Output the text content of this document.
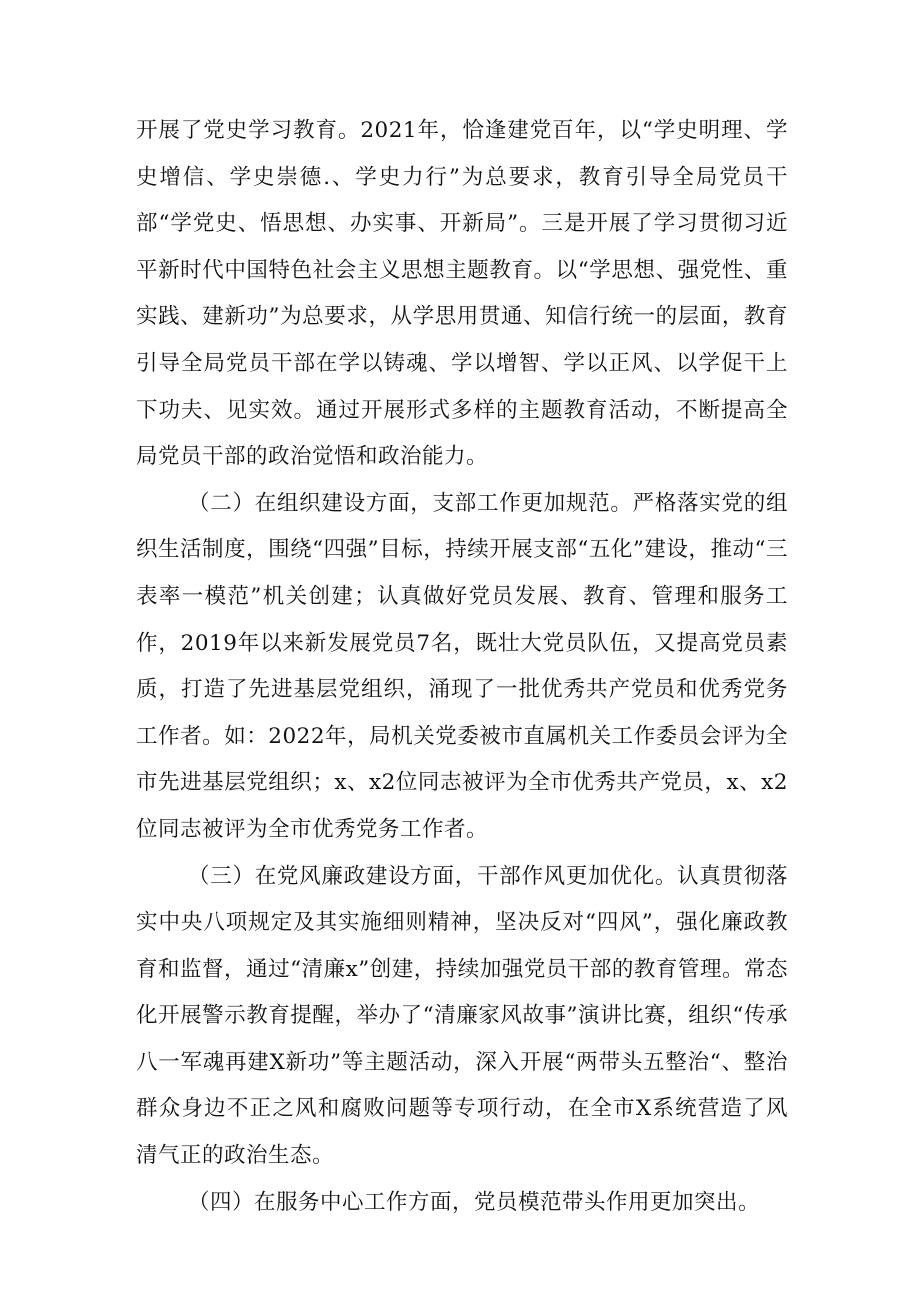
开展了党史学习教育。2021年，恰逢建党百年，以“学史明理、学史增信、学史崇德.、学史力行”为总要求，教育引导全局党员干部“学党史、悟思想、办实事、开新局”。三是开展了学习贯彻习近平新时代中国特色社会主义思想主题教育。以“学思想、强党性、重实践、建新功”为总要求，从学思用贯通、知信行统一的层面，教育引导全局党员干部在学以铸魂、学以增智、学以正风、以学促干上下功夫、见实效。通过开展形式多样的主题教育活动，不断提高全局党员干部的政治觉悟和政治能力。

（二）在组织建设方面，支部工作更加规范。严格落实党的组织生活制度，围绕“四强”目标，持续开展支部“五化”建设，推动“三表率一模范”机关创建；认真做好党员发展、教育、管理和服务工作，2019年以来新发展党员7名，既壮大党员队伍，又提高党员素质，打造了先进基层党组织，涌现了一批优秀共产党员和优秀党务工作者。如：2022年，局机关党委被市直属机关工作委员会评为全市先进基层党组织；x、x2位同志被评为全市优秀共产党员，x、x2位同志被评为全市优秀党务工作者。

（三）在党风廉政建设方面，干部作风更加优化。认真贯彻落实中央八项规定及其实施细则精神，坚决反对“四风”，强化廉政教育和监督，通过“清廉x”创建，持续加强党员干部的教育管理。常态化开展警示教育提醒，举办了“清廉家风故事”演讲比赛，组织“传承八一军魂再建X新功”等主题活动，深入开展“两带头五整治“、整治群众身边不正之风和腐败问题等专项行动，在全市X系统营造了风清气正的政治生态。

（四）在服务中心工作方面，党员模范带头作用更加突出。
